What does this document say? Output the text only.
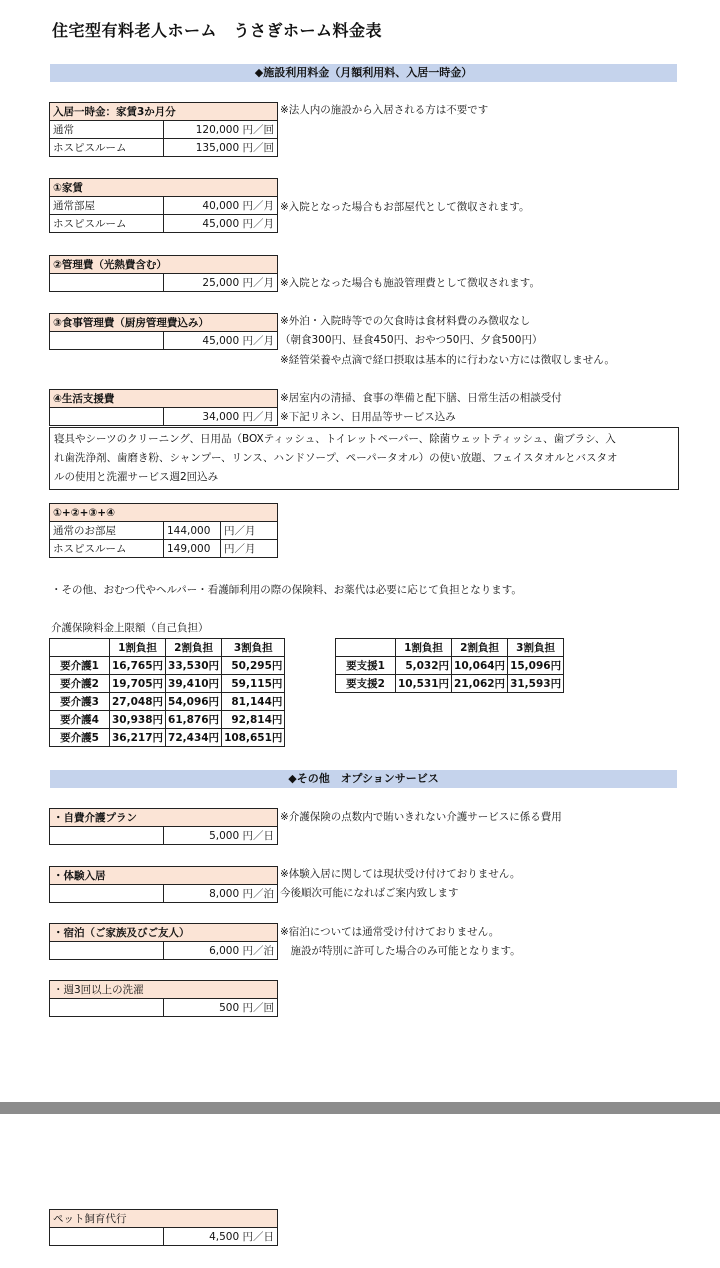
住宅型有料老人ホーム　うさぎホーム料金表
◆施設利用料金（月額利用料、入居一時金）
入居一時金：家賃3か月分	
通常	120,000 円／回
ホスピスルーム	135,000 円／回
※法人内の施設から入居される方は不要です
①家賃	
通常部屋	40,000 円／月
ホスピスルーム	45,000 円／月
※入院となった場合もお部屋代として徴収されます。
②管理費（光熱費含む）
	25,000 円／月 ※入院となった場合も施設管理費として徴収されます。
③食事管理費（厨房管理費込み）
	45,000 円／月
※外泊・入院時等での欠食時は食材料費のみ徴収なし
（朝食300円、昼食450円、おやつ50円、夕食500円）
※経管栄養や点滴で経口摂取は基本的に行わない方には徴収しません。
④生活支援費
	34,000 円／月
※居室内の清掃、食事の準備と配下膳、日常生活の相談受付
※下記リネン、日用品等サービス込み
寝具やシーツのクリーニング、日用品（BOXティッシュ、トイレットペーパー、除菌ウェットティッシュ、歯ブラシ、入
れ歯洗浄剤、歯磨き粉、シャンプー、リンス、ハンドソープ、ペーパータオル）の使い放題、フェイスタオルとバスタオ
ルの使用と洗濯サービス週2回込み
①+②+③+④		
通常のお部屋	144,000	円／月
ホスピスルーム	149,000	円／月
・その他、おむつ代やヘルパー・看護師利用の際の保険料、お薬代は必要に応じて負担となります。
介護保険料金上限額（自己負担）
	1割負担	2割負担	3割負担
要介護1	16,765円	33,530円	50,295円
要介護2	19,705円	39,410円	59,115円
要介護3	27,048円	54,096円	81,144円
要介護4	30,938円	61,876円	92,814円
要介護5	36,217円	72,434円	108,651円
	1割負担	2割負担	3割負担
要支援1	5,032円	10,064円	15,096円
要支援2	10,531円	21,062円	31,593円
◆その他　オプションサービス
・自費介護プラン
	5,000 円／日
※介護保険の点数内で賄いきれない介護サービスに係る費用
・体験入居
	8,000 円／泊
※体験入居に関しては現状受け付けておりません。
今後順次可能になればご案内致します
・宿泊（ご家族及びご友人）
	6,000 円／泊
※宿泊については通常受け付けておりません。
　施設が特別に許可した場合のみ可能となります。
・週3回以上の洗濯
	500 円／回
ペット飼育代行
	4,500 円／日
